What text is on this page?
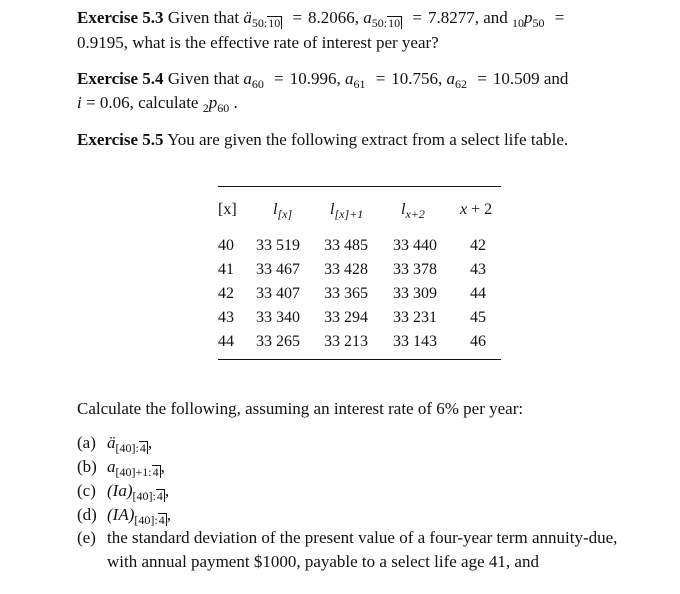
Exercise 5.3 Given that $ä_{50:10} = 8.2066$, $a_{50:10} = 7.8277$, and $_{10}p_{50}$ =
0.9195, what is the effective rate of interest per year?
Exercise 5.4 Given that $a_{60} = 10.996$, $a_{61} = 10.756$, $a_{62} = 10.509$ and
i = 0.06, calculate $_2p_{60}$ .
Exercise 5.5 You are given the following extract from a select life table.
[x] $l_{[x]}$ $l_{[x]+1}$ $l_{x+2}$ x + 2
40 33 519 33 485 33 440 42
41 33 467 33 428 33 378 43
42 33 407 33 365 33 309 44
43 33 340 33 294 33 231 45
44 33 265 33 213 33 143 46
Calculate the following, assuming an interest rate of 6% per year:
(a) $ä_{[40]:4}$ ,
(b) $a_{[40]+1:4}$ ,
(c) $(Ia)_{[40]:4}$ ,
(d) $(IA)_{[40]:4}$ ,
(e) the standard deviation of the present value of a four-year term annuity-due,
with annual payment $1000, payable to a select life age 41, and
